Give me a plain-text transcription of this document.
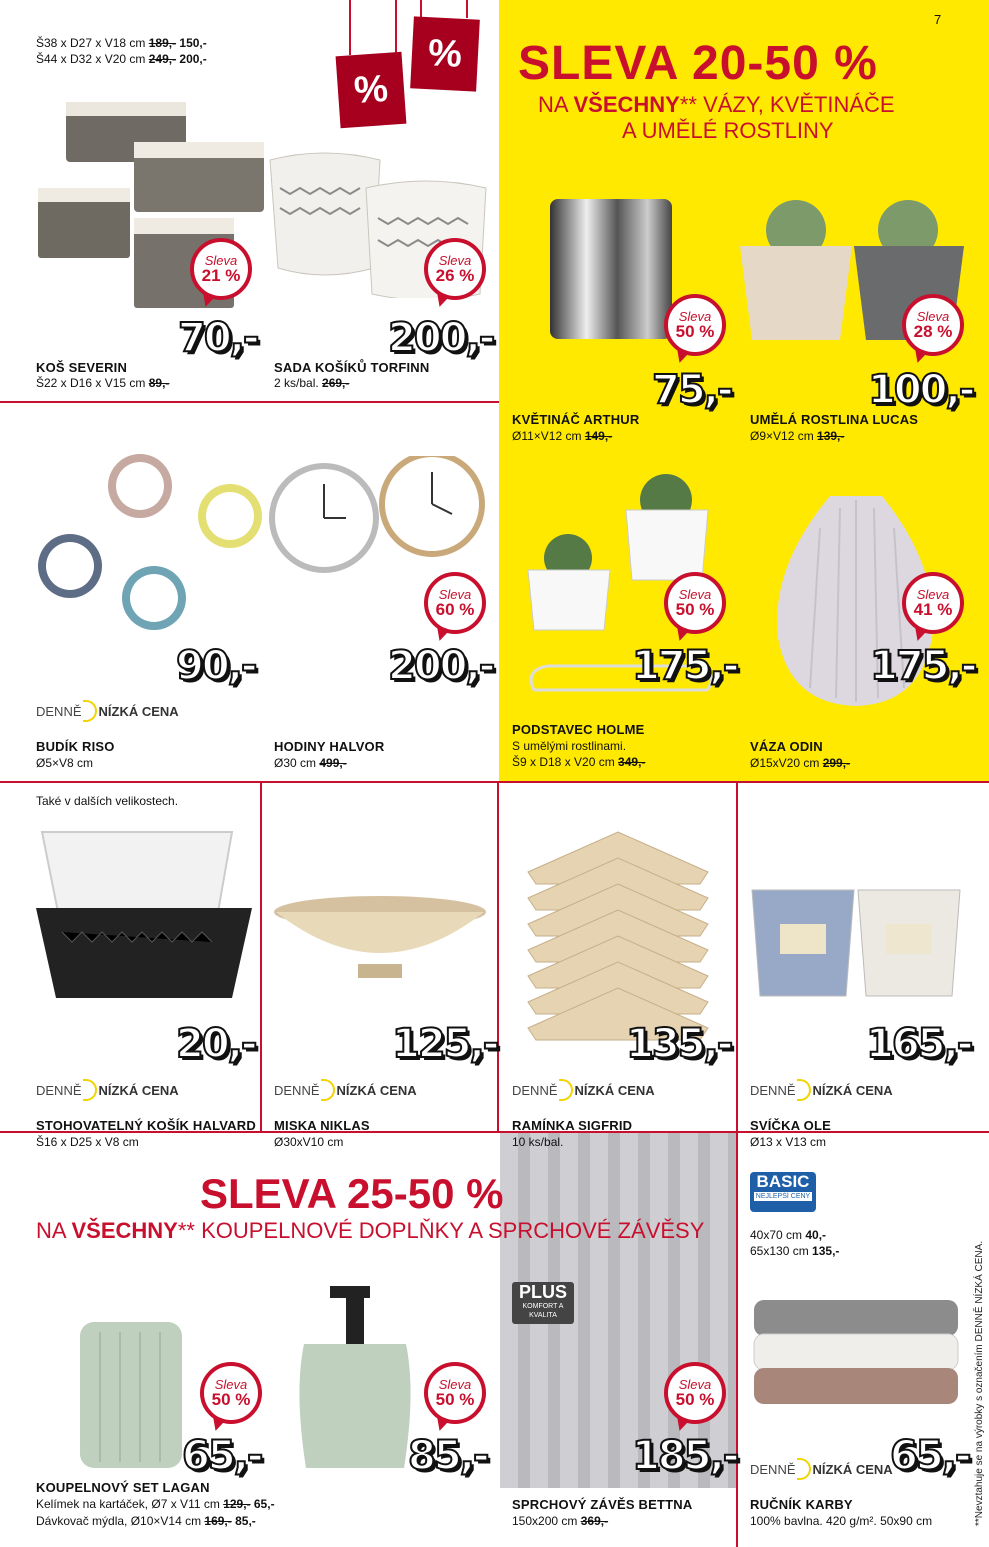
7
SLEVA 20-50 %
NA VŠECHNY** VÁZY, KVĚTINÁČE
A UMĚLÉ ROSTLINY
%
%
Š38 x D27 x V18 cm 189,- 150,-
Š44 x D32 x V20 cm 249,- 200,-
Sleva
21 %
70,-
KOŠ SEVERIN
Š22 x D16 x V15 cm 89,-
Sleva
26 %
200,-
SADA KOŠÍKŮ TORFINN
2 ks/bal. 269,-
Sleva
50 %
75,-
KVĚTINÁČ ARTHUR
Ø11×V12 cm 149,-
Sleva
28 %
100,-
UMĚLÁ ROSTLINA LUCAS
Ø9×V12 cm 139,-
90,-
DENNĚ NÍZKÁ CENA
BUDÍK RISO
Ø5×V8 cm
Sleva
60 %
200,-
HODINY HALVOR
Ø30 cm 499,-
Sleva
50 %
175,-
PODSTAVEC HOLME
S umělými rostlinami.
Š9 x D18 x V20 cm 349,-
Sleva
41 %
175,-
VÁZA ODIN
Ø15xV20 cm 299,-
Také v dalších velikostech.
20,-
DENNĚ NÍZKÁ CENA
STOHOVATELNÝ KOŠÍK HALVARD
Š16 x D25 x V8 cm
125,-
DENNĚ NÍZKÁ CENA
MISKA NIKLAS
Ø30xV10 cm
135,-
DENNĚ NÍZKÁ CENA
RAMÍNKA SIGFRID
10 ks/bal.
165,-
DENNĚ NÍZKÁ CENA
SVÍČKA OLE
Ø13 x V13 cm
SLEVA 25-50 %
NA VŠECHNY** KOUPELNOVÉ DOPLŇKY A SPRCHOVÉ ZÁVĚSY
Sleva
50 %
Sleva
50 %
65,-	85,-
KOUPELNOVÝ SET LAGAN
Kelímek na kartáček, Ø7 x V11 cm 129,- 65,-
Dávkovač mýdla, Ø10×V14 cm 169,- 85,-
PLUS
KOMFORT A KVALITA
Sleva
50 %
185,-
SPRCHOVÝ ZÁVĚS BETTNA
150x200 cm 369,-
BASIC
NEJLEPŠÍ CENY
40x70 cm 40,-
65x130 cm 135,-
DENNĚ NÍZKÁ CENA
65,-
RUČNÍK KARBY
100% bavlna. 420 g/m². 50x90 cm	**Nevztahuje se na výrobky s označením DENNĚ NÍZKÁ CENA.
